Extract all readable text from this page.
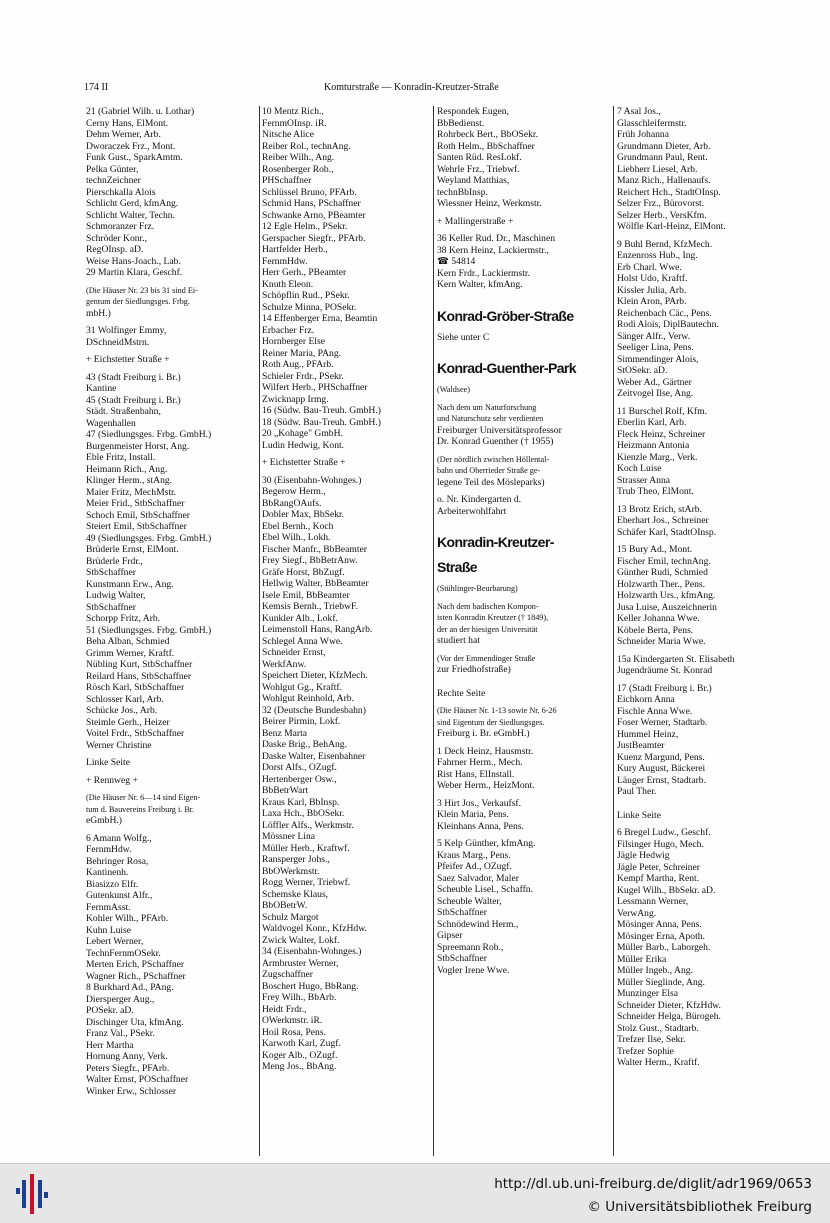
174 II	Komturstraße — Konradin-Kreutzer-Straße
21 (Gabriel Wilh. u. Lothar)
Cerny Hans, ElMont.
Dehm Werner, Arb.
Dworaczek Frz., Mont.
Funk Gust., SparkAmtm.
Pelka Günter,
technZeichner
Pierschkalla Alois
Schlicht Gerd, kfmAng.
Schlicht Walter, Techn.
Schmoranzer Frz.
Schröder Konr.,
RegOInsp. aD.
Weise Hans-Joach., Lab.
29 Martin Klara, Geschf.
(Die Häuser Nr. 23 bis 31 sind Ei-
gentum der Siedlungsges. Frbg.
mbH.)
31 Wolfinger Emmy,
DSchneidMstrn.
+ Eichstetter Straße +
43 (Stadt Freiburg i. Br.)
Kantine
45 (Stadt Freiburg i. Br.)
Städt. Straßenbahn,
Wagenhallen
47 (Siedlungsges. Frbg. GmbH.)
Burgenmeister Horst, Ang.
Eble Fritz, Install.
Heimann Rich., Ang.
Klinger Herm., stAng.
Maier Fritz, MechMstr.
Meier Frid., StbSchaffner
Schoch Emil, StbSchaffner
Steiert Emil, StbSchaffner
49 (Siedlungsges. Frbg. GmbH.)
Brüderle Ernst, ElMont.
Brüderle Frdr.,
StbSchaffner
Kunstmann Erw., Ang.
Ludwig Walter,
StbSchaffner
Schorpp Fritz, Arb.
51 (Siedlungsges. Frbg. GmbH.)
Beha Alban, Schmied
Grimm Werner, Kraftf.
Nübling Kurt, StbSchaffner
Reilard Hans, StbSchaffner
Rösch Karl, StbSchaffner
Schlosser Karl, Arb.
Schücke Jos., Arb.
Steimle Gerh., Heizer
Voitel Frdr., StbSchaffner
Werner Christine
Linke Seite
+ Rennweg +
(Die Häuser Nr. 6—14 sind Eigen-
tum d. Bauvereins Freiburg i. Br.
eGmbH.)
6 Amann Wolfg.,
FernmHdw.
Behringer Rosa,
Kantinenh.
Biasizzo Elfr.
Gutenkunst Alfr.,
FernmAsst.
Kohler Wilh., PFArb.
Kuhn Luise
Lebert Werner,
TechnFernmOSekr.
Merten Erich, PSchaffner
Wagner Rich., PSchaffner
8 Burkhard Ad., PAng.
Diersperger Aug.,
POSekr. aD.
Dischinger Uta, kfmAng.
Franz Val., PSekr.
Herr Martha
Hornung Anny, Verk.
Peters Siegfr., PFArb.
Walter Ernst, POSchaffner
Winker Erw., Schlosser
10 Mentz Rich.,
FernmOInsp. iR.
Nitsche Alice
Reiber Rol., technAng.
Reiber Wilh., Ang.
Rosenberger Rob.,
PHSchaffner
Schlüssel Bruno, PFArb.
Schmid Hans, PSchaffner
Schwanke Arno, PBeamter
12 Egle Helm., PSekr.
Gerspacher Siegfr., PFArb.
Hartfelder Herb.,
FernmHdw.
Herr Gerh., PBeamter
Knuth Eleon.
Schöpflin Rud., PSekr.
Schulze Minna, POSekr.
14 Effenberger Erna, Beamtin
Erbacher Frz.
Hornberger Else
Reiner Maria, PAng.
Roth Aug., PFArb.
Schieler Frdr., PSekr.
Wilfert Herb., PHSchaffner
Zwicknapp Irmg.
16 (Südw. Bau-Treuh. GmbH.)
18 (Südw. Bau-Treuh. GmbH.)
20 „Kohage" GmbH.
Ludin Hedwig, Kont.
+ Eichstetter Straße +
30 (Eisenbahn-Wohnges.)
Begerow Herm.,
BbRangOAufs.
Dobler Max, BbSekr.
Ebel Bernh., Koch
Ebel Wilh., Lokh.
Fischer Manfr., BbBeamter
Frey Siegf., BbBetrAnw.
Gräfe Horst, BbZugf.
Hellwig Walter, BbBeamter
Isele Emil, BbBeamter
Kemsis Bernh., TriebwF.
Kunkler Alb., Lokf.
Leimenstoll Hans, RangArb.
Schlegel Anna Wwe.
Schneider Ernst,
WerkfAnw.
Speichert Dieter, KfzMech.
Wohlgut Gg., Kraftf.
Wohlgut Reinhold, Arb.
32 (Deutsche Bundesbahn)
Beirer Pirmin, Lokf.
Benz Marta
Daske Brig., BehAng.
Daske Walter, Eisenbahner
Dorst Alfs., OZugf.
Hertenberger Osw.,
BbBetrWart
Kraus Karl, BbInsp.
Laxa Hch., BbOSekr.
Löffler Alfs., Werkmstr.
Mössner Lina
Müller Herb., Kraftwf.
Ransperger Johs.,
BbOWerkmstr.
Rogg Werner, Triebwf.
Schemske Klaus,
BbOBetrW.
Schulz Margot
Waldvogel Konr., KfzHdw.
Zwick Walter, Lokf.
34 (Eisenbahn-Wohnges.)
Armbruster Werner,
Zugschaffner
Boschert Hugo, BbRang.
Frey Wilh., BbArb.
Heidt Frdr.,
OWerkmstr. iR.
Hoil Rosa, Pens.
Karwoth Karl, Zugf.
Koger Alb., OZugf.
Meng Jos., BbAng.
Respondek Eugen,
BbBedienst.
Rohrbeck Bert., BbOSekr.
Roth Helm., BbSchaffner
Santen Rüd. ResLokf.
Wehrle Frz., Triebwf.
Weyland Matthias,
technBbInsp.
Wiessner Heinz, Werkmstr.
+ Mallingerstraße +
36 Keller Rud. Dr., Maschinen
38 Kern Heinz, Lackiermstr.,
☎ 54814
Kern Frdr., Lackiermstr.
Kern Walter, kfmAng.
Konrad-Gröber-Straße
Siehe unter C
Konrad-Guenther-Park
(Waldsee)
Nach dem um Naturforschung
und Naturschutz sehr verdienten
Freiburger Universitätsprofessor
Dr. Konrad Guenther († 1955)
(Der nördlich zwischen Höllental-
bahn und Oberrieder Straße ge-
legene Teil des Mösleparks)
o. Nr. Kindergarten d.
Arbeiterwohlfahrt
Konradin-Kreutzer-
Straße
(Stühlinger-Beurbarung)
Nach dem badischen Kompon-
isten Konradin Kreutzer († 1849),
der an der hiesigen Universität
studiert hat
(Vor der Emmendinger Straße
zur Friedhofstraße)
Rechte Seite
(Die Häuser Nr. 1-13 sowie Nr. 6-26
sind Eigentum der Siedlungsges.
Freiburg i. Br. eGmbH.)
1 Deck Heinz, Hausmstr.
Fahrner Herm., Mech.
Rist Hans, ElInstall.
Weber Herm., HeizMont.
3 Hirt Jos., Verkaufsf.
Klein Maria, Pens.
Kleinhans Anna, Pens.
5 Kelp Günther, kfmAng.
Kraus Marg., Pens.
Pfeifer Ad., OZugf.
Saez Salvador, Maler
Scheuble Lisel., Schaffn.
Scheuble Walter,
StbSchaffner
Schnödewind Herm.,
Gipser
Spreemann Rob.,
StbSchaffner
Vogler Irene Wwe.
7 Asal Jos.,
Glasschleifermstr.
Früh Johanna
Grundmann Dieter, Arb.
Grundmann Paul, Rent.
Liebherr Liesel, Arb.
Manz Rich., Hallenaufs.
Reichert Hch., StadtOInsp.
Selzer Frz., Bürovorst.
Selzer Herb., VersKfm.
Wölfle Karl-Heinz, ElMont.
9 Buhl Bernd, KfzMech.
Enzenross Hub., Ing.
Erb Charl. Wwe.
Holst Udo, Kraftf.
Kissler Julia, Arb.
Klein Aron, PArb.
Reichenbach Cäc., Pens.
Rodi Alois, DiplBautechn.
Sänger Alfr., Verw.
Seeliger Lina, Pens.
Simmendinger Alois,
StOSekr. aD.
Weber Ad., Gärtner
Zeitvogel Ilse, Ang.
11 Burschel Rolf, Kfm.
Eberlin Karl, Arb.
Fleck Heinz, Schreiner
Heizmann Antonia
Kienzle Marg., Verk.
Koch Luise
Strasser Anna
Trub Theo, ElMont.
13 Brotz Erich, stArb.
Eberhart Jos., Schreiner
Schäfer Karl, StadtOInsp.
15 Bury Ad., Mont.
Fischer Emil, technAng.
Günther Rudi, Schmied
Holzwarth Ther., Pens.
Holzwarth Urs., kfmAng.
Jusa Luise, Auszeichnerin
Keller Johanna Wwe.
Köbele Berta, Pens.
Schneider Maria Wwe.
15a Kindergarten St. Elisabeth
Jugendräume St. Konrad
17 (Stadt Freiburg i. Br.)
Eichkorn Anna
Fischle Anna Wwe.
Foser Werner, Stadtarb.
Hummel Heinz,
JustBeamter
Kuenz Margund, Pens.
Kury August, Bäckerei
Läuger Ernst, Stadtarb.
Paul Ther.
Linke Seite
6 Bregel Ludw., Geschf.
Filsinger Hugo, Mech.
Jägle Hedwig
Jägle Peter, Schreiner
Kempf Martha, Rent.
Kugel Wilh., BbSekr. aD.
Lessmann Werner,
VerwAng.
Mösinger Anna, Pens.
Mösinger Erna, Apoth.
Müller Barb., Laborgeh.
Müller Erika
Müller Ingeb., Ang.
Müller Sieglinde, Ang.
Munzinger Elsa
Schneider Dieter, KfzHdw.
Schneider Helga, Bürogeh.
Stolz Gust., Stadtarb.
Trefzer Ilse, Sekr.
Trefzer Sophie
Walter Herm., Kraftf.
http://dl.ub.uni-freiburg.de/diglit/adr1969/0653
© Universitätsbibliothek Freiburg
